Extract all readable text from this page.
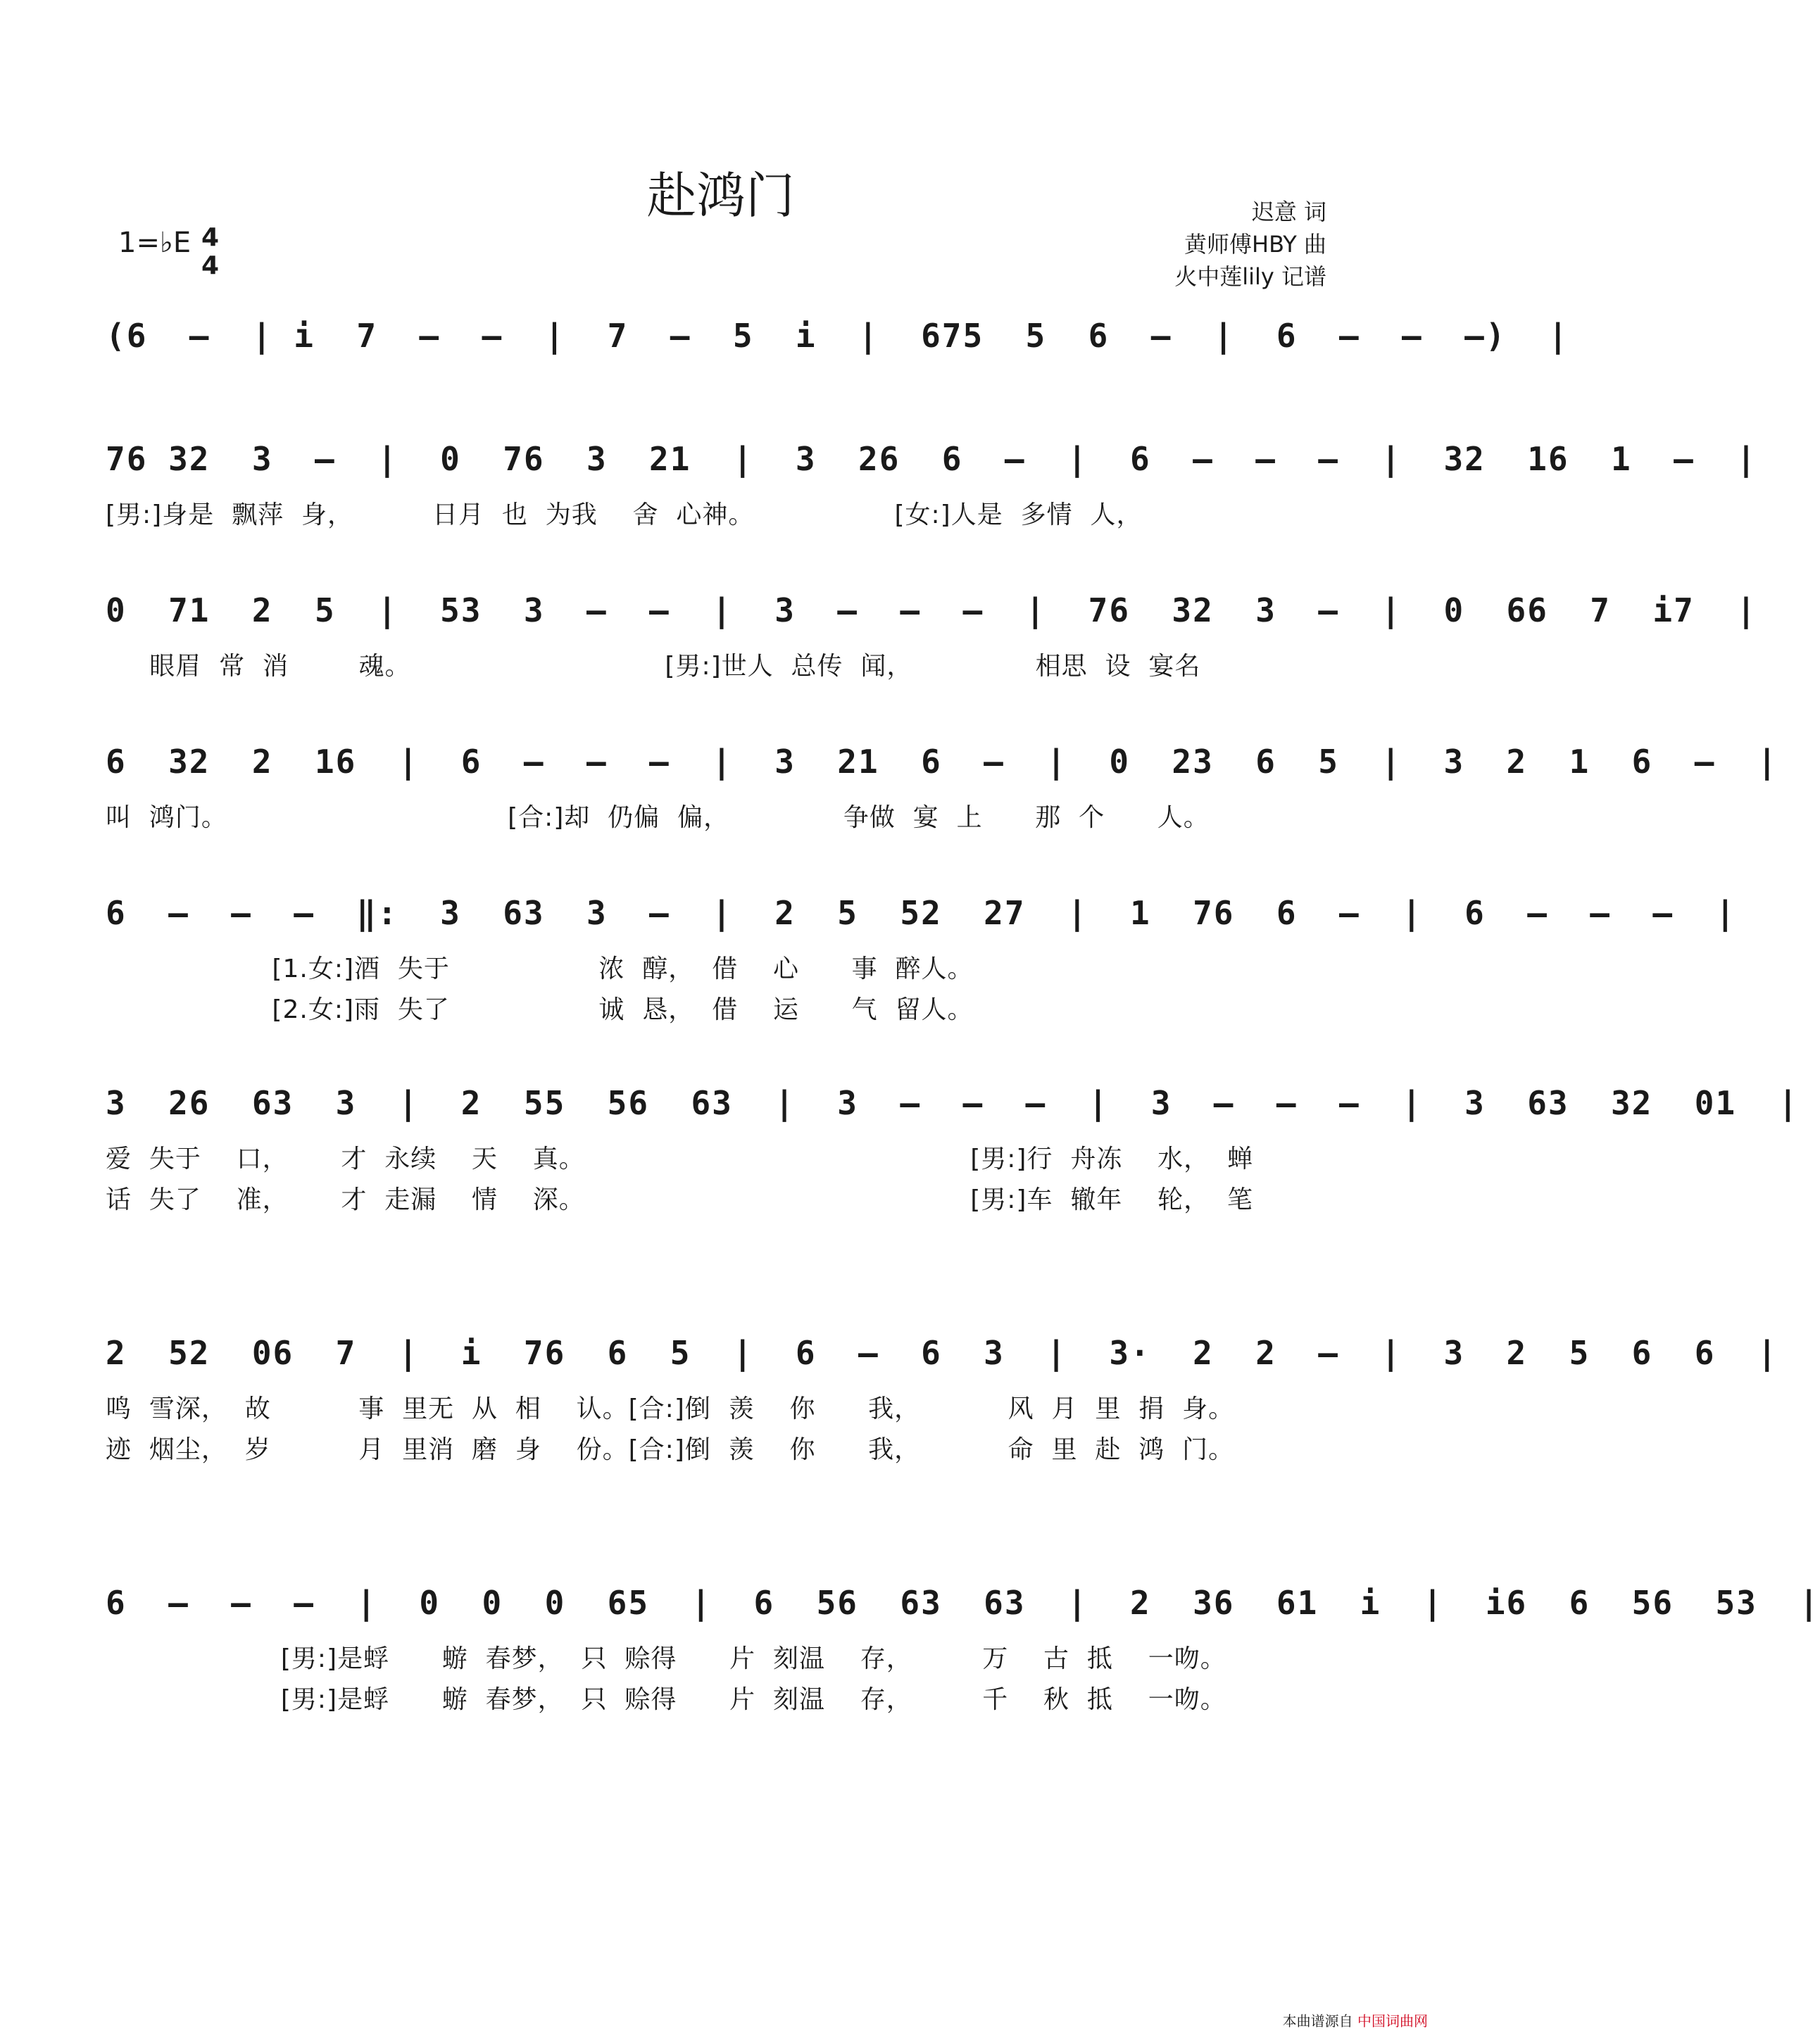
赴鸿门	迟意 词
黄师傅HBY 曲
火中莲lily 记谱
1=♭E 4
4
(6  –  | i  7  –  –  |  7  –  5  i  |  675  5  6  –  |  6  –  –  –)  |
76 32  3  –  |  0  76  3  21  |  3  26  6  –  |  6  –  –  –  |  32  16  1  –  |
[男:]身是  飘萍  身，         日月  也  为我    舍  心神。                [女:]人是  多情  人，
0  71  2  5  |  53  3  –  –  |  3  –  –  –  |  76  32  3  –  |  0  66  7  i7  |
眼眉  常  消        魂。                             [男:]世人  总传  闻，              相思  设  宴名
6  32  2  16  |  6  –  –  –  |  3  21  6  –  |  0  23  6  5  |  3  2  1  6  –  |
叫  鸿门。                                [合:]却  仍偏  偏，             争做  宴  上      那  个      人。
6  –  –  –  ‖:  3  63  3  –  |  2  5  52  27  |  1  76  6  –  |  6  –  –  –  |
[1.女:]酒  失于                 浓  醇，  借    心      事  醉人。
[2.女:]雨  失了                 诚  恳，  借    运      气  留人。
3  26  63  3  |  2  55  56  63  |  3  –  –  –  |  3  –  –  –  |  3  63  32  01  |
爱  失于    口，      才  永续    天    真。                                            [男:]行  舟冻    水，  蝉
话  失了    准，      才  走漏    情    深。                                            [男:]车  辙年    轮，  笔
2  52  06  7  |  i  76  6  5  |  6  –  6  3  |  3·  2  2  –  |  3  2  5  6  6  |
鸣  雪深，  故          事  里无  从  相    认。[合:]倒  羡    你      我，          风  月  里  捐  身。
迹  烟尘，  岁          月  里消  磨  身    份。[合:]倒  羡    你      我，          命  里  赴  鸿  门。
6  –  –  –  |  0  0  0  65  |  6  56  63  63  |  2  36  61  i  |  i6  6  56  53  |
[男:]是蜉      蝣  春梦，  只  赊得      片  刻温    存，        万    古  抵    一吻。
[男:]是蜉      蝣  春梦，  只  赊得      片  刻温    存，        千    秋  抵    一吻。
本曲谱源自 中国词曲网
